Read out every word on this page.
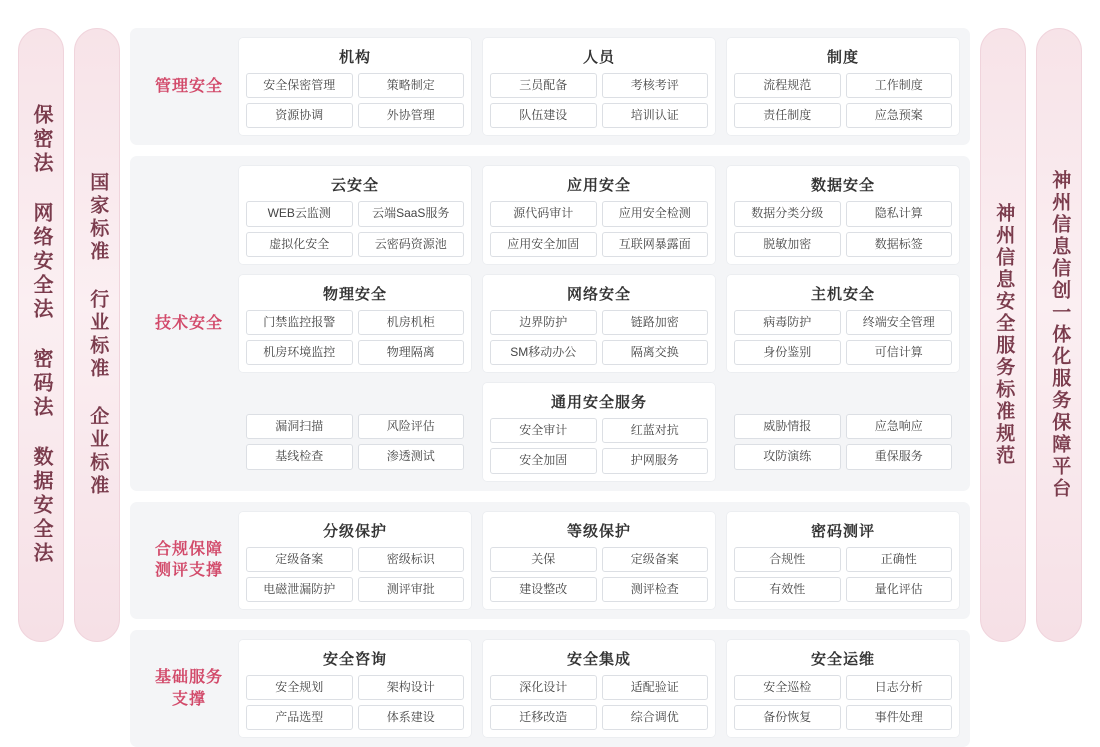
保密法 网络安全法 密码法 数据安全法 国家标准 行业标准 企业标准
管理安全
机构
安全保密管理	策略制定
资源协调	外协管理
人员
三员配备	考核考评
队伍建设	培训认证
制度
流程规范	工作制度
责任制度	应急预案
技术安全
云安全
WEB云监测	云端SaaS服务
虚拟化安全	云密码资源池
应用安全
源代码审计	应用安全检测
应用安全加固	互联网暴露面
数据安全
数据分类分级	隐私计算
脱敏加密	数据标签
物理安全
门禁监控报警	机房机柜
机房环境监控	物理隔离
网络安全
边界防护	链路加密
SM移动办公	隔离交换
主机安全
病毒防护	终端安全管理
身份鉴别	可信计算
漏洞扫描	风险评估
基线检查	渗透测试
通用安全服务
安全审计	红蓝对抗
安全加固	护网服务
威胁情报	应急响应
攻防演练	重保服务
合规保障
测评支撑
分级保护
定级备案	密级标识
电磁泄漏防护	测评审批
等级保护
关保	定级备案
建设整改	测评检查
密码测评
合规性	正确性
有效性	量化评估
基础服务
支撑
安全咨询
安全规划	架构设计
产品选型	体系建设
安全集成
深化设计	适配验证
迁移改造	综合调优
安全运维
安全巡检	日志分析
备份恢复	事件处理
神州信息安全服务标准规范 神州信息信创一体化服务保障平台
